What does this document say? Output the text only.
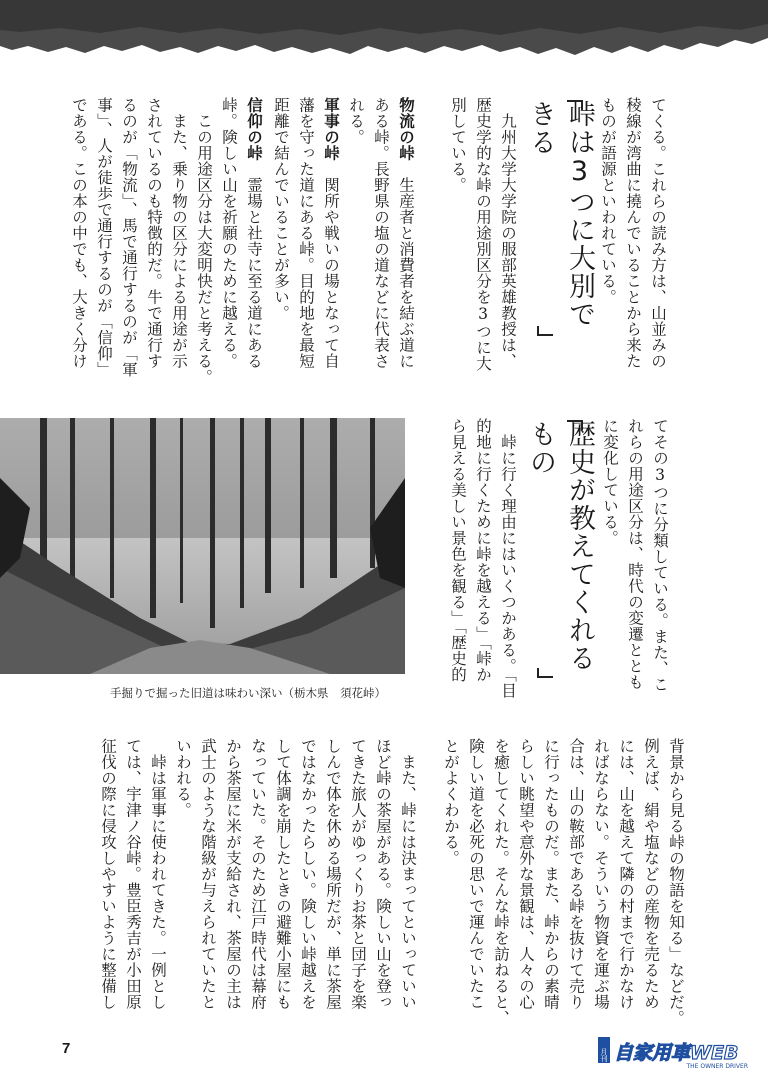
てくる。これらの読み方は、山並みの
稜線が湾曲に撓んでいることから来た
ものが語源といわれている。
峠は3つに大別できる
　九州大学大学院の服部英雄教授は、
歴史学的な峠の用途別区分を3つに大
別している。

物流の峠　生産者と消費者を結ぶ道に
ある峠。長野県の塩の道などに代表さ
れる。

軍事の峠　関所や戦いの場となって自
藩を守った道にある峠。目的地を最短
距離で結んでいることが多い。

信仰の峠　霊場と社寺に至る道にある
峠。険しい山を祈願のために越える。
　この用途区分は大変明快だと考える。
　また、乗り物の区分による用途が示
されているのも特徴的だ。牛で通行す
るのが「物流」、馬で通行するのが「軍
事」、人が徒歩で通行するのが「信仰」
である。この本の中でも、大きく分け

手掘りで掘った旧道は味わい深い（栃木県　須花峠）
てその3つに分類している。また、こ
れらの用途区分は、時代の変遷ととも
に変化している。
歴史が教えてくれるもの
　峠に行く理由にはいくつかある。「目
的地に行くために峠を越える」「峠か
ら見える美しい景色を観る」「歴史的
背景から見る峠の物語を知る」などだ。
例えば、絹や塩などの産物を売るため
には、山を越えて隣の村まで行かなけ
ればならない。そういう物資を運ぶ場
合は、山の鞍部である峠を抜けて売り
に行ったものだ。また、峠からの素晴
らしい眺望や意外な景観は、人々の心
を癒してくれた。そんな峠を訪ねると、
険しい道を必死の思いで運んでいたこ
とがよくわかる。
　また、峠には決まってといっていい
ほど峠の茶屋がある。険しい山を登っ
てきた旅人がゆっくりお茶と団子を楽
しんで体を休める場所だが、単に茶屋
ではなかったらしい。険しい峠越えを
して体調を崩したときの避難小屋にも
なっていた。そのため江戸時代は幕府
から茶屋に米が支給され、茶屋の主は
武士のような階級が与えられていたと
いわれる。
　峠は軍事に使われてきた。一例とし
ては、宇津ノ谷峠。豊臣秀吉が小田原
征伐の際に侵攻しやすいように整備し
7	月刊 自家用車WEB
THE OWNER DRIVER
